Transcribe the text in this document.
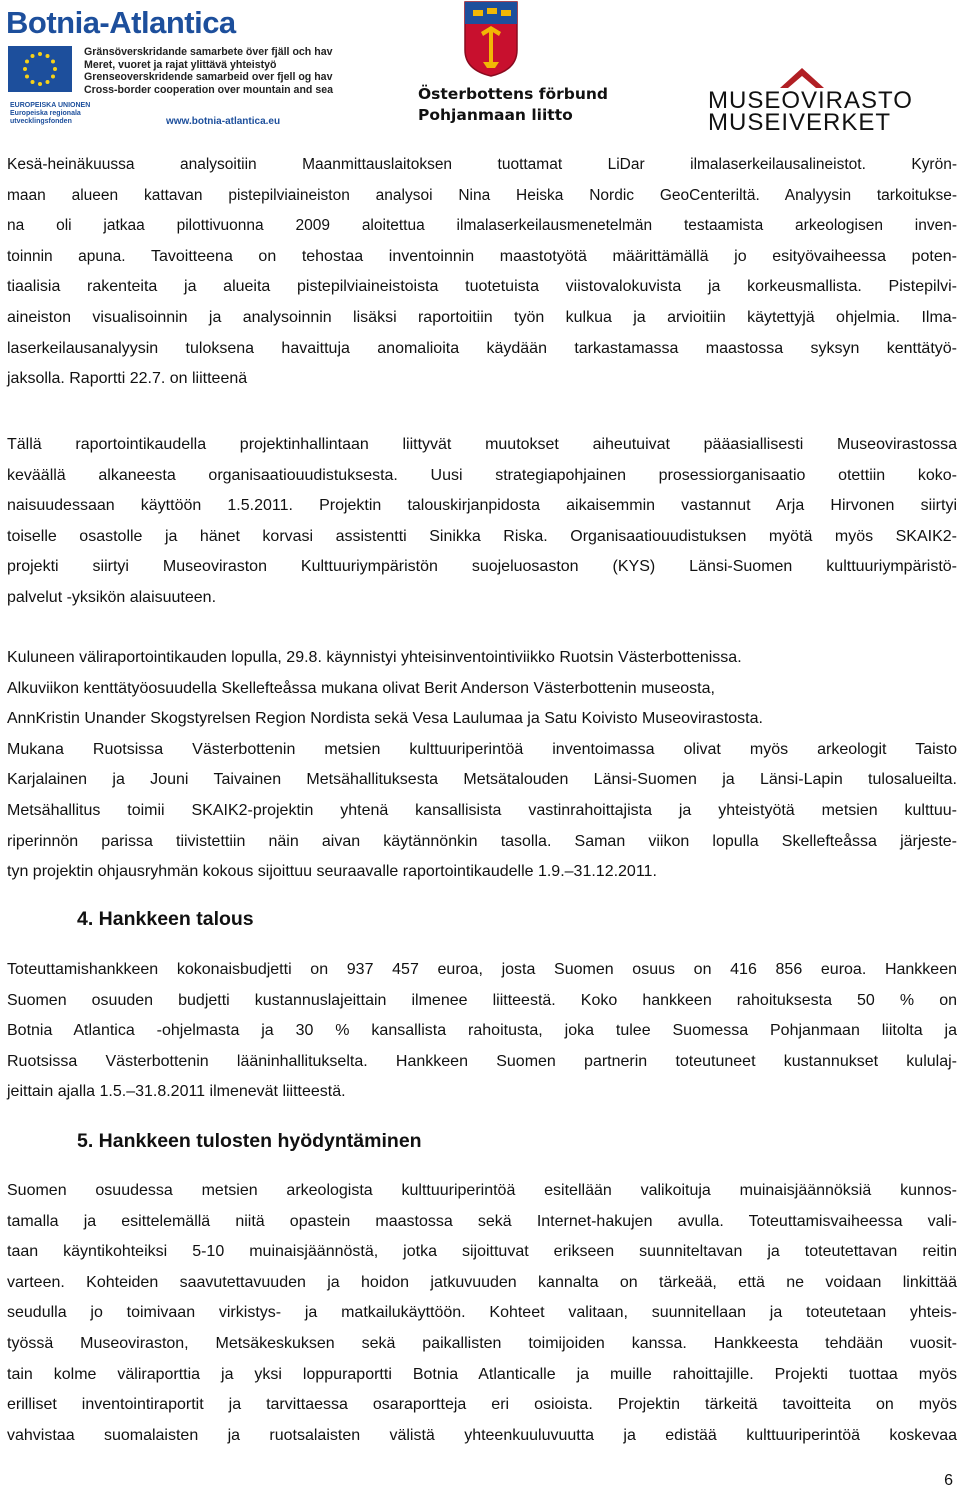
Botnia-Atlantica
Gränsöverskridande samarbete över fjäll och hav
Meret, vuoret ja rajat ylittävä yhteistyö
Grenseoverskridende samarbeid over fjell og hav
Cross-border cooperation over mountain and sea
EUROPEISKA UNIONEN
Europeiska regionala
utvecklingsfonden	www.botnia-atlantica.eu
Österbottens förbund
Pohjanmaan liitto
MUSEOVIRASTO
MUSEIVERKET
Kesä-heinäkuussa analysoitiin Maanmittauslaitoksen tuottamat LiDar ilmalaserkeilausalineistot. Kyrön-
maan alueen kattavan pistepilviaineiston analysoi Nina Heiska Nordic GeoCenteriltä. Analyysin tarkoitukse-
na oli jatkaa pilottivuonna 2009 aloitettua ilmalaserkeilausmenetelmän testaamista arkeologisen inven-
toinnin apuna. Tavoitteena on tehostaa inventoinnin maastotyötä määrittämällä jo esityövaiheessa poten-
tiaalisia rakenteita ja alueita pistepilviaineistoista tuotetuista viistovalokuvista ja korkeusmallista. Pistepilvi-
aineiston visualisoinnin ja analysoinnin lisäksi raportoitiin työn kulkua ja arvioitiin käytettyjä ohjelmia. Ilma-
laserkeilausanalyysin tuloksena havaittuja anomalioita käydään tarkastamassa maastossa syksyn kenttätyö-
jaksolla. Raportti 22.7. on liitteenä
Tällä raportointikaudella projektinhallintaan liittyvät muutokset aiheutuivat pääasiallisesti Museovirastossa
keväällä alkaneesta organisaatiouudistuksesta. Uusi strategiapohjainen prosessiorganisaatio otettiin koko-
naisuudessaan käyttöön 1.5.2011. Projektin talouskirjanpidosta aikaisemmin vastannut Arja Hirvonen siirtyi
toiselle osastolle ja hänet korvasi assistentti Sinikka Riska. Organisaatiouudistuksen myötä myös SKAIK2-
projekti siirtyi Museoviraston Kulttuuriympäristön suojeluosaston (KYS) Länsi-Suomen kulttuuriympäristö-
palvelut -yksikön alaisuuteen.
Kuluneen väliraportointikauden lopulla, 29.8. käynnistyi yhteisinventointiviikko Ruotsin Västerbottenissa.
Alkuviikon kenttätyöosuudella Skellefteåssa mukana olivat Berit Anderson Västerbottenin museosta,
AnnKristin Unander Skogstyrelsen Region Nordista sekä Vesa Laulumaa ja Satu Koivisto Museovirastosta.
Mukana Ruotsissa Västerbottenin metsien kulttuuriperintöä inventoimassa olivat myös arkeologit Taisto
Karjalainen ja Jouni Taivainen Metsähallituksesta Metsätalouden Länsi-Suomen ja Länsi-Lapin tulosalueilta.
Metsähallitus toimii SKAIK2-projektin yhtenä kansallisista vastinrahoittajista ja yhteistyötä metsien kulttuu-
riperinnön parissa tiivistettiin näin aivan käytännönkin tasolla. Saman viikon lopulla Skellefteåssa järjeste-
tyn projektin ohjausryhmän kokous sijoittuu seuraavalle raportointikaudelle 1.9.–31.12.2011.
4. Hankkeen talous
Toteuttamishankkeen kokonaisbudjetti on 937 457 euroa, josta Suomen osuus on 416 856 euroa. Hankkeen
Suomen osuuden budjetti kustannuslajeittain ilmenee liitteestä. Koko hankkeen rahoituksesta 50 % on
Botnia Atlantica -ohjelmasta ja 30 % kansallista rahoitusta, joka tulee Suomessa Pohjanmaan liitolta ja
Ruotsissa Västerbottenin lääninhallitukselta. Hankkeen Suomen partnerin toteutuneet kustannukset kululaj-
jeittain ajalla 1.5.–31.8.2011 ilmenevät liitteestä.
5. Hankkeen tulosten hyödyntäminen
Suomen osuudessa metsien arkeologista kulttuuriperintöä esitellään valikoituja muinaisjäännöksiä kunnos-
tamalla ja esittelemällä niitä opastein maastossa sekä Internet-hakujen avulla. Toteuttamisvaiheessa vali-
taan käyntikohteiksi 5-10 muinaisjäännöstä, jotka sijoittuvat erikseen suunniteltavan ja toteutettavan reitin
varteen. Kohteiden saavutettavuuden ja hoidon jatkuvuuden kannalta on tärkeää, että ne voidaan linkittää
seudulla jo toimivaan virkistys- ja matkailukäyttöön. Kohteet valitaan, suunnitellaan ja toteutetaan yhteis-
työssä Museoviraston, Metsäkeskuksen sekä paikallisten toimijoiden kanssa. Hankkeesta tehdään vuosit-
tain kolme väliraporttia ja yksi loppuraportti Botnia Atlanticalle ja muille rahoittajille. Projekti tuottaa myös
erilliset inventointiraportit ja tarvittaessa osaraportteja eri osioista. Projektin tärkeitä tavoitteita on myös
vahvistaa suomalaisten ja ruotsalaisten välistä yhteenkuuluvuutta ja edistää kulttuuriperintöä koskevaa
6
